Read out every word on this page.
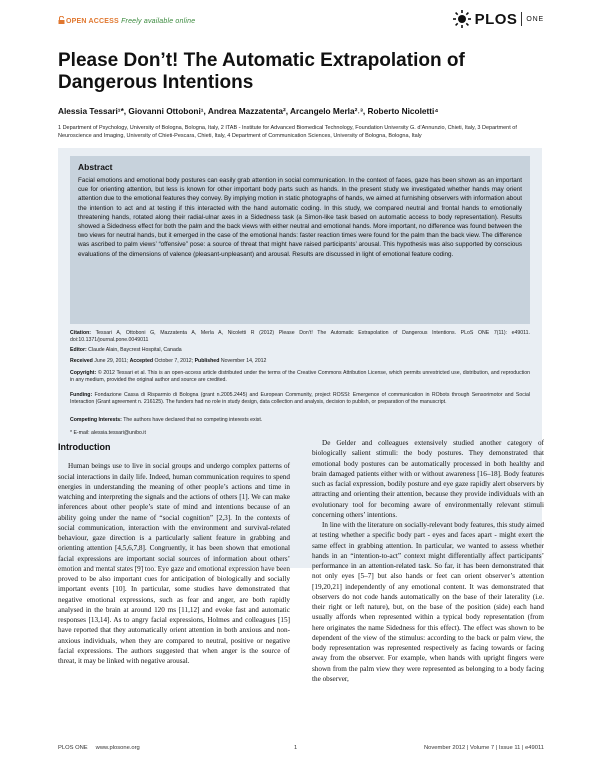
OPEN ACCESS Freely available online	PLOS ONE
Please Don’t! The Automatic Extrapolation of Dangerous Intentions
Alessia Tessari¹*, Giovanni Ottoboni¹, Andrea Mazzatenta², Arcangelo Merla²˒³, Roberto Nicoletti⁴
1 Department of Psychology, University of Bologna, Bologna, Italy, 2 ITAB - Institute for Advanced Biomedical Technology, Foundation University G. d’Annunzio, Chieti, Italy, 3 Department of Neuroscience and Imaging, University of Chieti-Pescara, Chieti, Italy, 4 Department of Communication Sciences, University of Bologna, Bologna, Italy
Abstract

Facial emotions and emotional body postures can easily grab attention in social communication. In the context of faces, gaze has been shown as an important cue for orienting attention, but less is known for other important body parts such as hands. In the present study we investigated whether hands may orient attention due to the emotional features they convey. By implying motion in static photographs of hands, we aimed at furnishing observers with information about the intention to act and at testing if this interacted with the hand automatic coding. In this study, we compared neutral and frontal hands to emotionally threatening hands, rotated along their radial-ulnar axes in a Sidedness task (a Simon-like task based on automatic access to body representation). Results showed a Sidedness effect for both the palm and the back views with either neutral and emotional hands. More important, no difference was found between the two views for neutral hands, but it emerged in the case of the emotional hands: faster reaction times were found for the palm than the back view. The difference was ascribed to palm views’ “offensive” pose: a source of threat that might have raised participants’ arousal. This hypothesis was also supported by conscious evaluations of the dimensions of valence (pleasant-unpleasant) and arousal. Results are discussed in light of emotional feature coding.

Citation: Tessari A, Ottoboni G, Mazzatenta A, Merla A, Nicoletti R (2012) Please Don’t! The Automatic Extrapolation of Dangerous Intentions. PLoS ONE 7(11): e49011. doi:10.1371/journal.pone.0049011
Editor: Claude Alain, Baycrest Hospital, Canada
Received June 29, 2011; Accepted October 7, 2012; Published November 14, 2012
Copyright: © 2012 Tessari et al. This is an open-access article distributed under the terms of the Creative Commons Attribution License, which permits unrestricted use, distribution, and reproduction in any medium, provided the original author and source are credited.
Funding: Fondazione Cassa di Risparmio di Bologna (grant n.2005.2445) and European Community, project ROSSI: Emergence of communication in RObots through Sensorimotor and Social Interaction (Grant agreement n. 216125). The funders had no role in study design, data collection and analysis, decision to publish, or preparation of the manuscript.
Competing Interests: The authors have declared that no competing interests exist.
* E-mail: alessia.tessari@unibo.it
Introduction

Human beings use to live in social groups and undergo complex patterns of social interactions in daily life. Indeed, human communication requires to spend energies in understanding the meaning of other people’s actions and time in watching and interpreting the signals and the actions of others [1]. We can make inferences about other people’s state of mind and intentions because of an ability going under the name of “social cognition” [2,3]. In the contexts of social communication, interaction with the environment and survival-related behaviour, gaze direction is a particularly salient feature in grabbing and orienting attention [4,5,6,7,8]. Congruently, it has been shown that emotional facial expressions are important social sources of information about others’ emotion and mental states [9] too. Eye gaze and emotional expression have been proved to be also important cues for anticipation of biologically and socially important events [10]. In particular, some studies have demonstrated that negative emotional expressions, such as fear and anger, are both rapidly analysed in the brain at around 120 ms [11,12] and evoke fast and automatic responses [13,14]. As to angry facial expressions, Holmes and colleagues [15] have reported that they automatically orient attention in both anxious and non-anxious individuals, when they are compared to neutral, positive or negative facial expressions. The authors suggested that when anger is the source of threat, it may be linked with negative arousal.

De Gelder and colleagues extensively studied another category of biologically salient stimuli: the body postures. They demonstrated that emotional body postures can be automatically processed in both healthy and brain damaged patients either with or without awareness [16–18]. Body features such as facial expression, bodily posture and eye gaze rapidly alert observers by attracting and orienting their attention, because they provide individuals with an evolutionary tool for becoming aware of environmentally relevant stimuli concerning others’ intentions.

In line with the literature on socially-relevant body features, this study aimed at testing whether a specific body part - eyes and faces apart - might exert the same effect in grabbing attention. In particular, we wanted to assess whether hands in an “intention-to-act” context might differentially affect participants’ performance in an attention-related task. So far, it has been demonstrated that not only eyes [5–7] but also hands or feet can orient observer’s attention [19,20,21] independently of any emotional content. It was demonstrated that observers do not code hands automatically on the base of their laterality (i.e. their right or left nature), but, on the base of the position (side) each hand usually affords when represented within a typical body representation (from here originates the name Sidedness for this effect). The effect was shown to be dependent of the view of the stimulus: according to the back or palm view, the body representation was represented respectively as facing towards or facing away from the observer. For example, when hands with upright fingers were shown from the palm view they were represented as belonging to a body facing the observer,

PLOS ONE www.plosone.org	1	November 2012 | Volume 7 | Issue 11 | e49011
